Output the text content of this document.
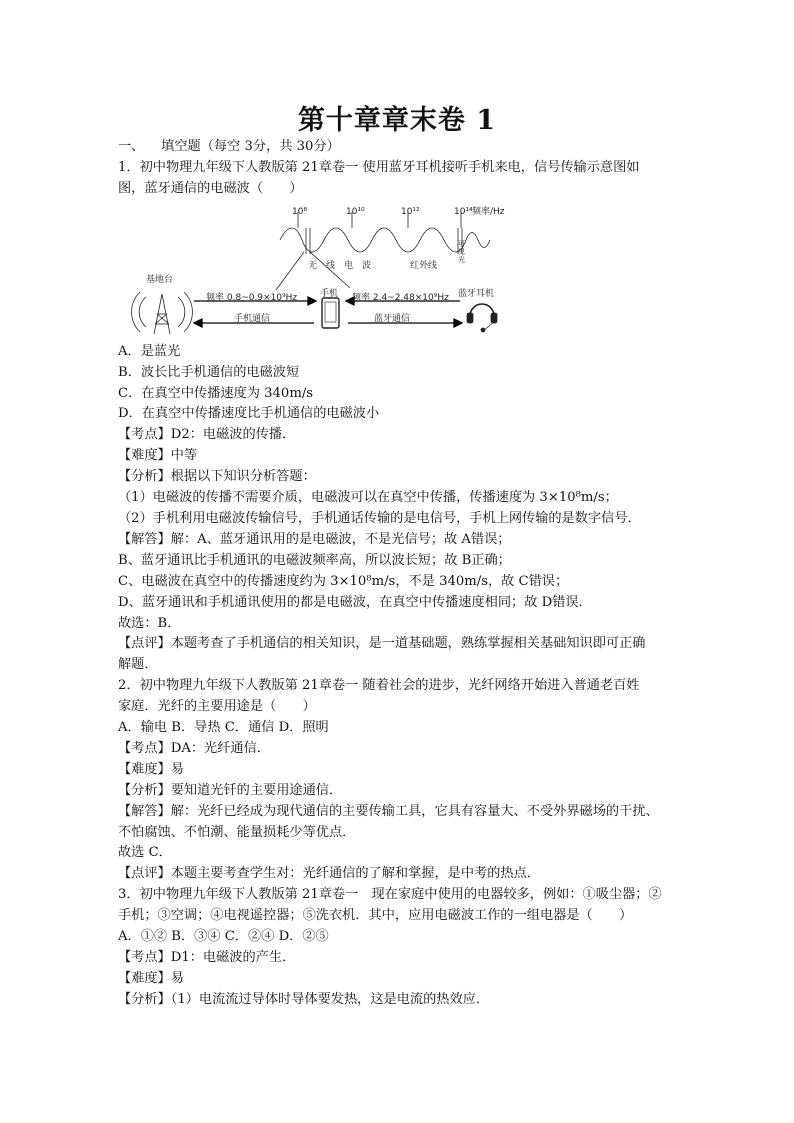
第十章章末卷 1
一、    填空题（每空 3分，共 30分）
1．初中物理九年级下人教版第 21章卷一 使用蓝牙耳机接听手机来电，信号传输示意图如
图，蓝牙通信的电磁波（　　）
10⁸	10¹⁰	10¹²	10¹⁴ 频率/Hz
无　线　电　波	红外线
可见光
基地台
手机	蓝牙耳机
频率 0.8~0.9×10⁹Hz
手机通信
频率 2.4~2.48×10⁹Hz
蓝牙通信
A．是蓝光
B．波长比手机通信的电磁波短
C．在真空中传播速度为 340m/s
D．在真空中传播速度比手机通信的电磁波小
【考点】D2：电磁波的传播．
【难度】中等
【分析】根据以下知识分析答题：
（1）电磁波的传播不需要介质，电磁波可以在真空中传播，传播速度为 3×10⁸m/s；
（2）手机利用电磁波传输信号，手机通话传输的是电信号，手机上网传输的是数字信号．
【解答】解：A、蓝牙通讯用的是电磁波，不是光信号；故 A错误；
B、蓝牙通讯比手机通讯的电磁波频率高，所以波长短；故 B正确；
C、电磁波在真空中的传播速度约为 3×10⁸m/s，不是 340m/s，故 C错误；
D、蓝牙通讯和手机通讯使用的都是电磁波，在真空中传播速度相同；故 D错误．
故选：B．
【点评】本题考查了手机通信的相关知识，是一道基础题，熟练掌握相关基础知识即可正确
解题．
2．初中物理九年级下人教版第 21章卷一 随着社会的进步，光纤网络开始进入普通老百姓
家庭．光纤的主要用途是（　　）
A．输电 B．导热 C．通信 D．照明
【考点】DA：光纤通信．
【难度】易
【分析】要知道光钎的主要用途通信．
【解答】解：光纤已经成为现代通信的主要传输工具，它具有容量大、不受外界磁场的干扰、
不怕腐蚀、不怕潮、能量损耗少等优点．
故选 C．
【点评】本题主要考查学生对：光纤通信的了解和掌握，是中考的热点．
3．初中物理九年级下人教版第 21章卷一　现在家庭中使用的电器较多，例如：①吸尘器；②
手机；③空调；④电视遥控器；⑤洗衣机．其中，应用电磁波工作的一组电器是（　　）
A．①② B．③④ C．②④ D．②⑤
【考点】D1：电磁波的产生．
【难度】易
【分析】（1）电流流过导体时导体要发热，这是电流的热效应．
